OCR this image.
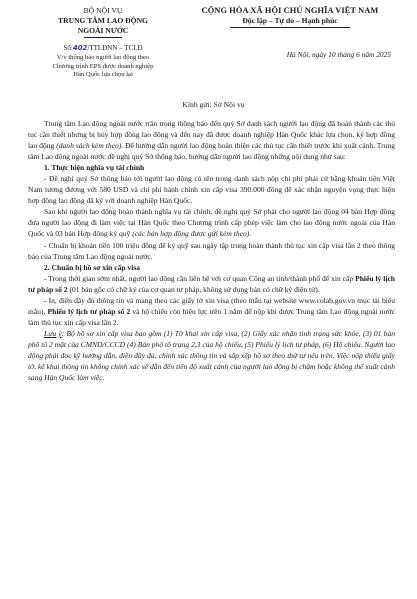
BỘ NỘI VỤ
TRUNG TÂM LAO ĐỘNG
NGOÀI NƯỚC
Số:402/TTLĐNN – TCLĐ
V/v thông báo người lao động theo
Chương trình EPS được doanh nghiệp
Hàn Quốc lựa chọn lại
CỘNG HÒA XÃ HỘI CHỦ NGHĨA VIỆT NAM
Độc lập – Tự do – Hạnh phúc
Hà Nội, ngày 10 tháng 6 năm 2025
Kính gửi: Sở Nội vụ

Trung tâm Lao động ngoài nước trân trọng thông báo đến quý Sở danh sách người lao động đã hoàn thành các thủ tục cần thiết nhưng bị hủy hợp đồng lao động và đến nay đã được doanh nghiệp Hàn Quốc khác lựa chọn, ký hợp đồng lao động (danh sách kèm theo). Để hướng dẫn người lao động hoàn thiện các thủ tục cần thiết trước khi xuất cảnh, Trung tâm Lao động ngoài nước đề nghị quý Sở thông báo, hướng dẫn người lao động những nội dung như sau:

1. Thực hiện nghĩa vụ tài chính

- Đề nghị quý Sở thông báo tới người lao động có tên trong danh sách nộp chi phí phải cử bằng khoản tiền Việt Nam tương đương với 580 USD và chi phí hành chính xin cấp visa 390.000 đồng để xác nhận nguyện vọng thực hiện hợp đồng lao động đã ký với doanh nghiệp Hàn Quốc.

Sau khi người lao động hoàn thành nghĩa vụ tài chính, đề nghị quý Sở phát cho người lao động 04 bản Hợp đồng đưa người lao động đi làm việc tại Hàn Quốc theo Chương trình cấp phép việc làm cho lao động nước ngoài của Hàn Quốc và 03 bản Hợp đồng ký quỹ (các bản hợp đồng được gửi kèm theo).

- Chuẩn bị khoản tiền 100 triệu đồng để ký quỹ sau ngày tập trung hoàn thành thủ tục xin cấp visa lần 2 theo thông báo của Trung tâm Lao động ngoài nước.

2. Chuẩn bị hồ sơ xin cấp visa

- Trong thời gian sớm nhất, người lao động cần liên hệ với cơ quan Công an tỉnh/thành phố để xin cấp Phiếu lý lịch tư pháp số 2 (01 bản gốc có chữ ký của cơ quan tư pháp, không sử dụng bản có chữ ký điện tử).

- In, điền đầy đủ thông tin và mang theo các giấy tờ xin visa (theo mẫu tại website www.colab.gov.vn mục tài biểu mẫu), Phiếu lý lịch tư pháp số 2 và hộ chiếu còn hiệu lực trên 1 năm để nộp khi được Trung tâm Lao động ngoài nước làm thủ tục xin cấp visa lần 2.

Lưu ý: Bộ hồ sơ xin cấp visa bao gồm (1) Tờ khai xin cấp visa, (2) Giấy xác nhận tình trạng sức khỏe, (3) 01 bản phô tô 2 mặt của CMND/CCCD (4) Bản phô tô trang 2,3 của hộ chiếu, (5) Phiếu lý lịch tư pháp, (6) Hộ chiếu. Người lao động phải đọc kỹ hướng dẫn, điền đầy đủ, chính xác thông tin và sắp xếp hồ sơ theo thứ tự nêu trên. Việc nộp thiếu giấy tờ, kê khai thông tin không chính xác sẽ dẫn đến tiến độ xuất cảnh của người lao động bị chậm hoặc không thể xuất cảnh sang Hàn Quốc làm việc.
